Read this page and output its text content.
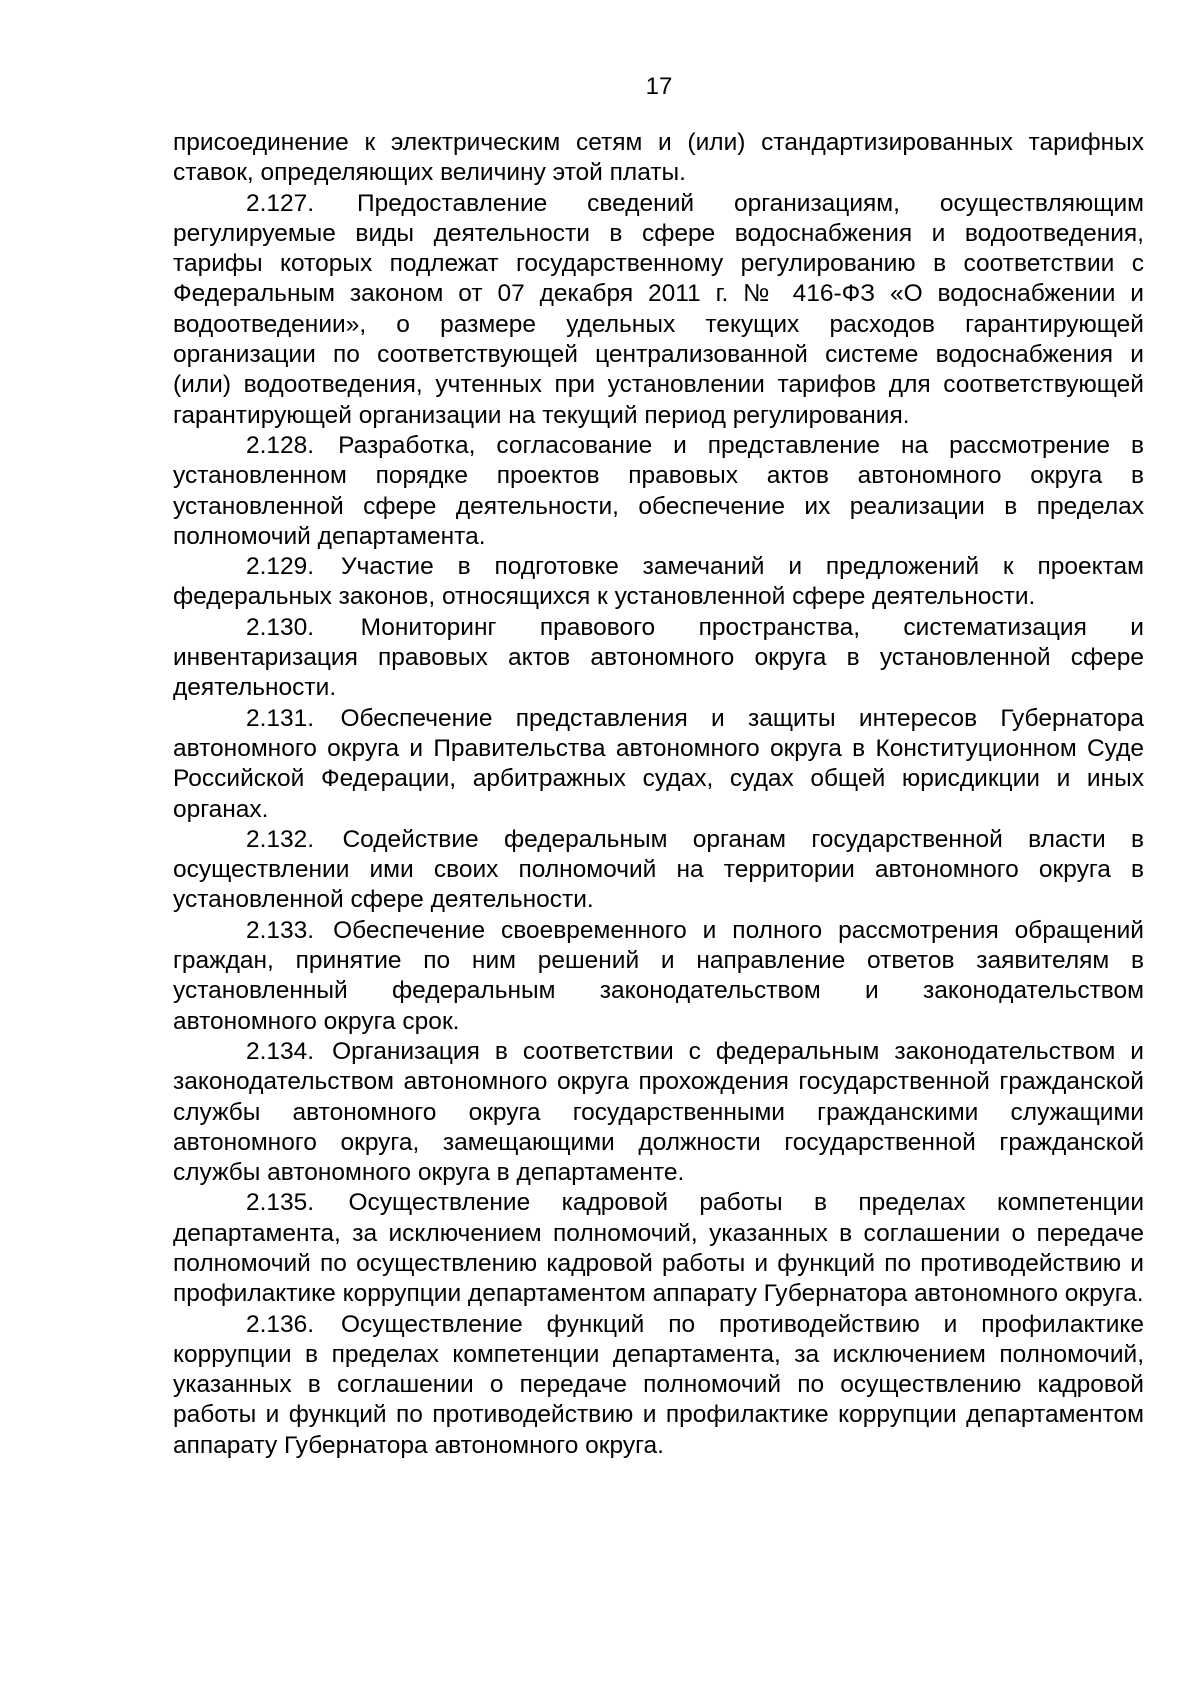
17

присоединение к электрическим сетям и (или) стандартизированных тарифных ставок, определяющих величину этой платы.

2.127. Предоставление сведений организациям, осуществляющим регулируемые виды деятельности в сфере водоснабжения и водоотведения, тарифы которых подлежат государственному регулированию в соответствии с Федеральным законом от 07 декабря 2011 г. № 416-ФЗ «О водоснабжении и водоотведении», о размере удельных текущих расходов гарантирующей организации по соответствующей централизованной системе водоснабжения и (или) водоотведения, учтенных при установлении тарифов для соответствующей гарантирующей организации на текущий период регулирования.

2.128. Разработка, согласование и представление на рассмотрение в установленном порядке проектов правовых актов автономного округа в установленной сфере деятельности, обеспечение их реализации в пределах полномочий департамента.

2.129. Участие в подготовке замечаний и предложений к проектам федеральных законов, относящихся к установленной сфере деятельности.

2.130. Мониторинг правового пространства, систематизация и инвентаризация правовых актов автономного округа в установленной сфере деятельности.

2.131. Обеспечение представления и защиты интересов Губернатора автономного округа и Правительства автономного округа в Конституционном Суде Российской Федерации, арбитражных судах, судах общей юрисдикции и иных органах.

2.132. Содействие федеральным органам государственной власти в осуществлении ими своих полномочий на территории автономного округа в установленной сфере деятельности.

2.133. Обеспечение своевременного и полного рассмотрения обращений граждан, принятие по ним решений и направление ответов заявителям в установленный федеральным законодательством и законодательством автономного округа срок.

2.134. Организация в соответствии с федеральным законодательством и законодательством автономного округа прохождения государственной гражданской службы автономного округа государственными гражданскими служащими автономного округа, замещающими должности государственной гражданской службы автономного округа в департаменте.

2.135. Осуществление кадровой работы в пределах компетенции департамента, за исключением полномочий, указанных в соглашении о передаче полномочий по осуществлению кадровой работы и функций по противодействию и профилактике коррупции департаментом аппарату Губернатора автономного округа.

2.136. Осуществление функций по противодействию и профилактике коррупции в пределах компетенции департамента, за исключением полномочий, указанных в соглашении о передаче полномочий по осуществлению кадровой работы и функций по противодействию и профилактике коррупции департаментом аппарату Губернатора автономного округа.
